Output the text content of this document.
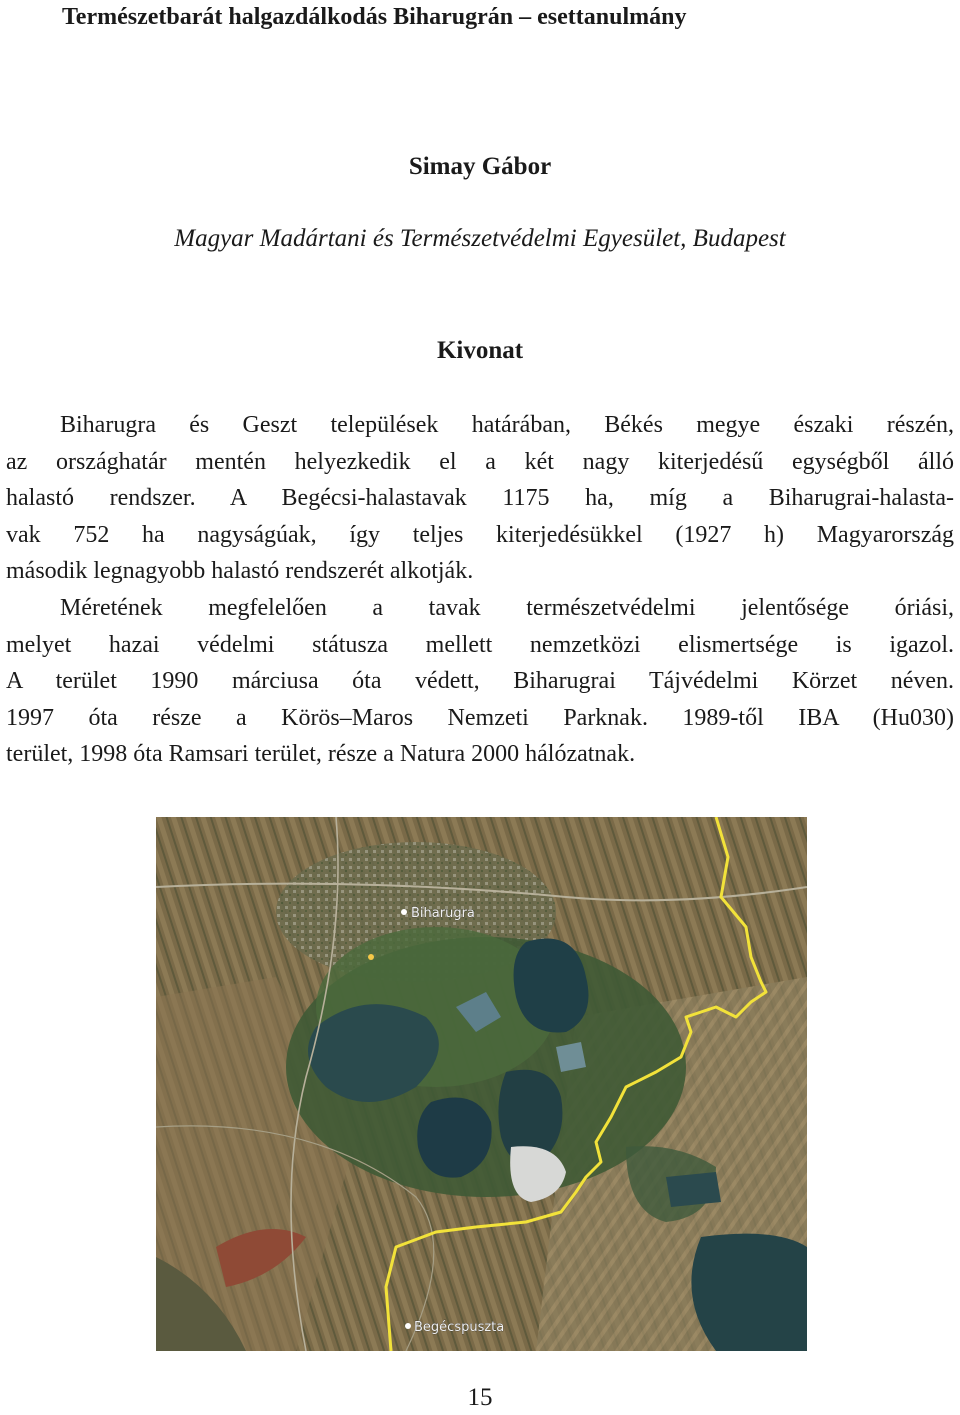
Természetbarát halgazdálkodás Biharugrán – esettanulmány
Simay Gábor
Magyar Madártani és Természetvédelmi Egyesület, Budapest
Kivonat
Biharugra és Geszt települések határában, Békés megye északi részén,
az országhatár mentén helyezkedik el a két nagy kiterjedésű egységből álló
halastó rendszer. A Begécsi-halastavak 1175 ha, míg a Biharugrai-halasta-
vak 752 ha nagyságúak, így teljes kiterjedésükkel (1927 h) Magyarország
második legnagyobb halastó rendszerét alkotják.
Méretének megfelelően a tavak természetvédelmi jelentősége óriási,
melyet hazai védelmi státusza mellett nemzetközi elismertsége is igazol.
A terület 1990 márciusa óta védett, Biharugrai Tájvédelmi Körzet néven.
1997 óta része a Körös–Maros Nemzeti Parknak. 1989-től IBA (Hu030)
terület, 1998 óta Ramsari terület, része a Natura 2000 hálózatnak.
Biharugra
Begécspuszta
15
